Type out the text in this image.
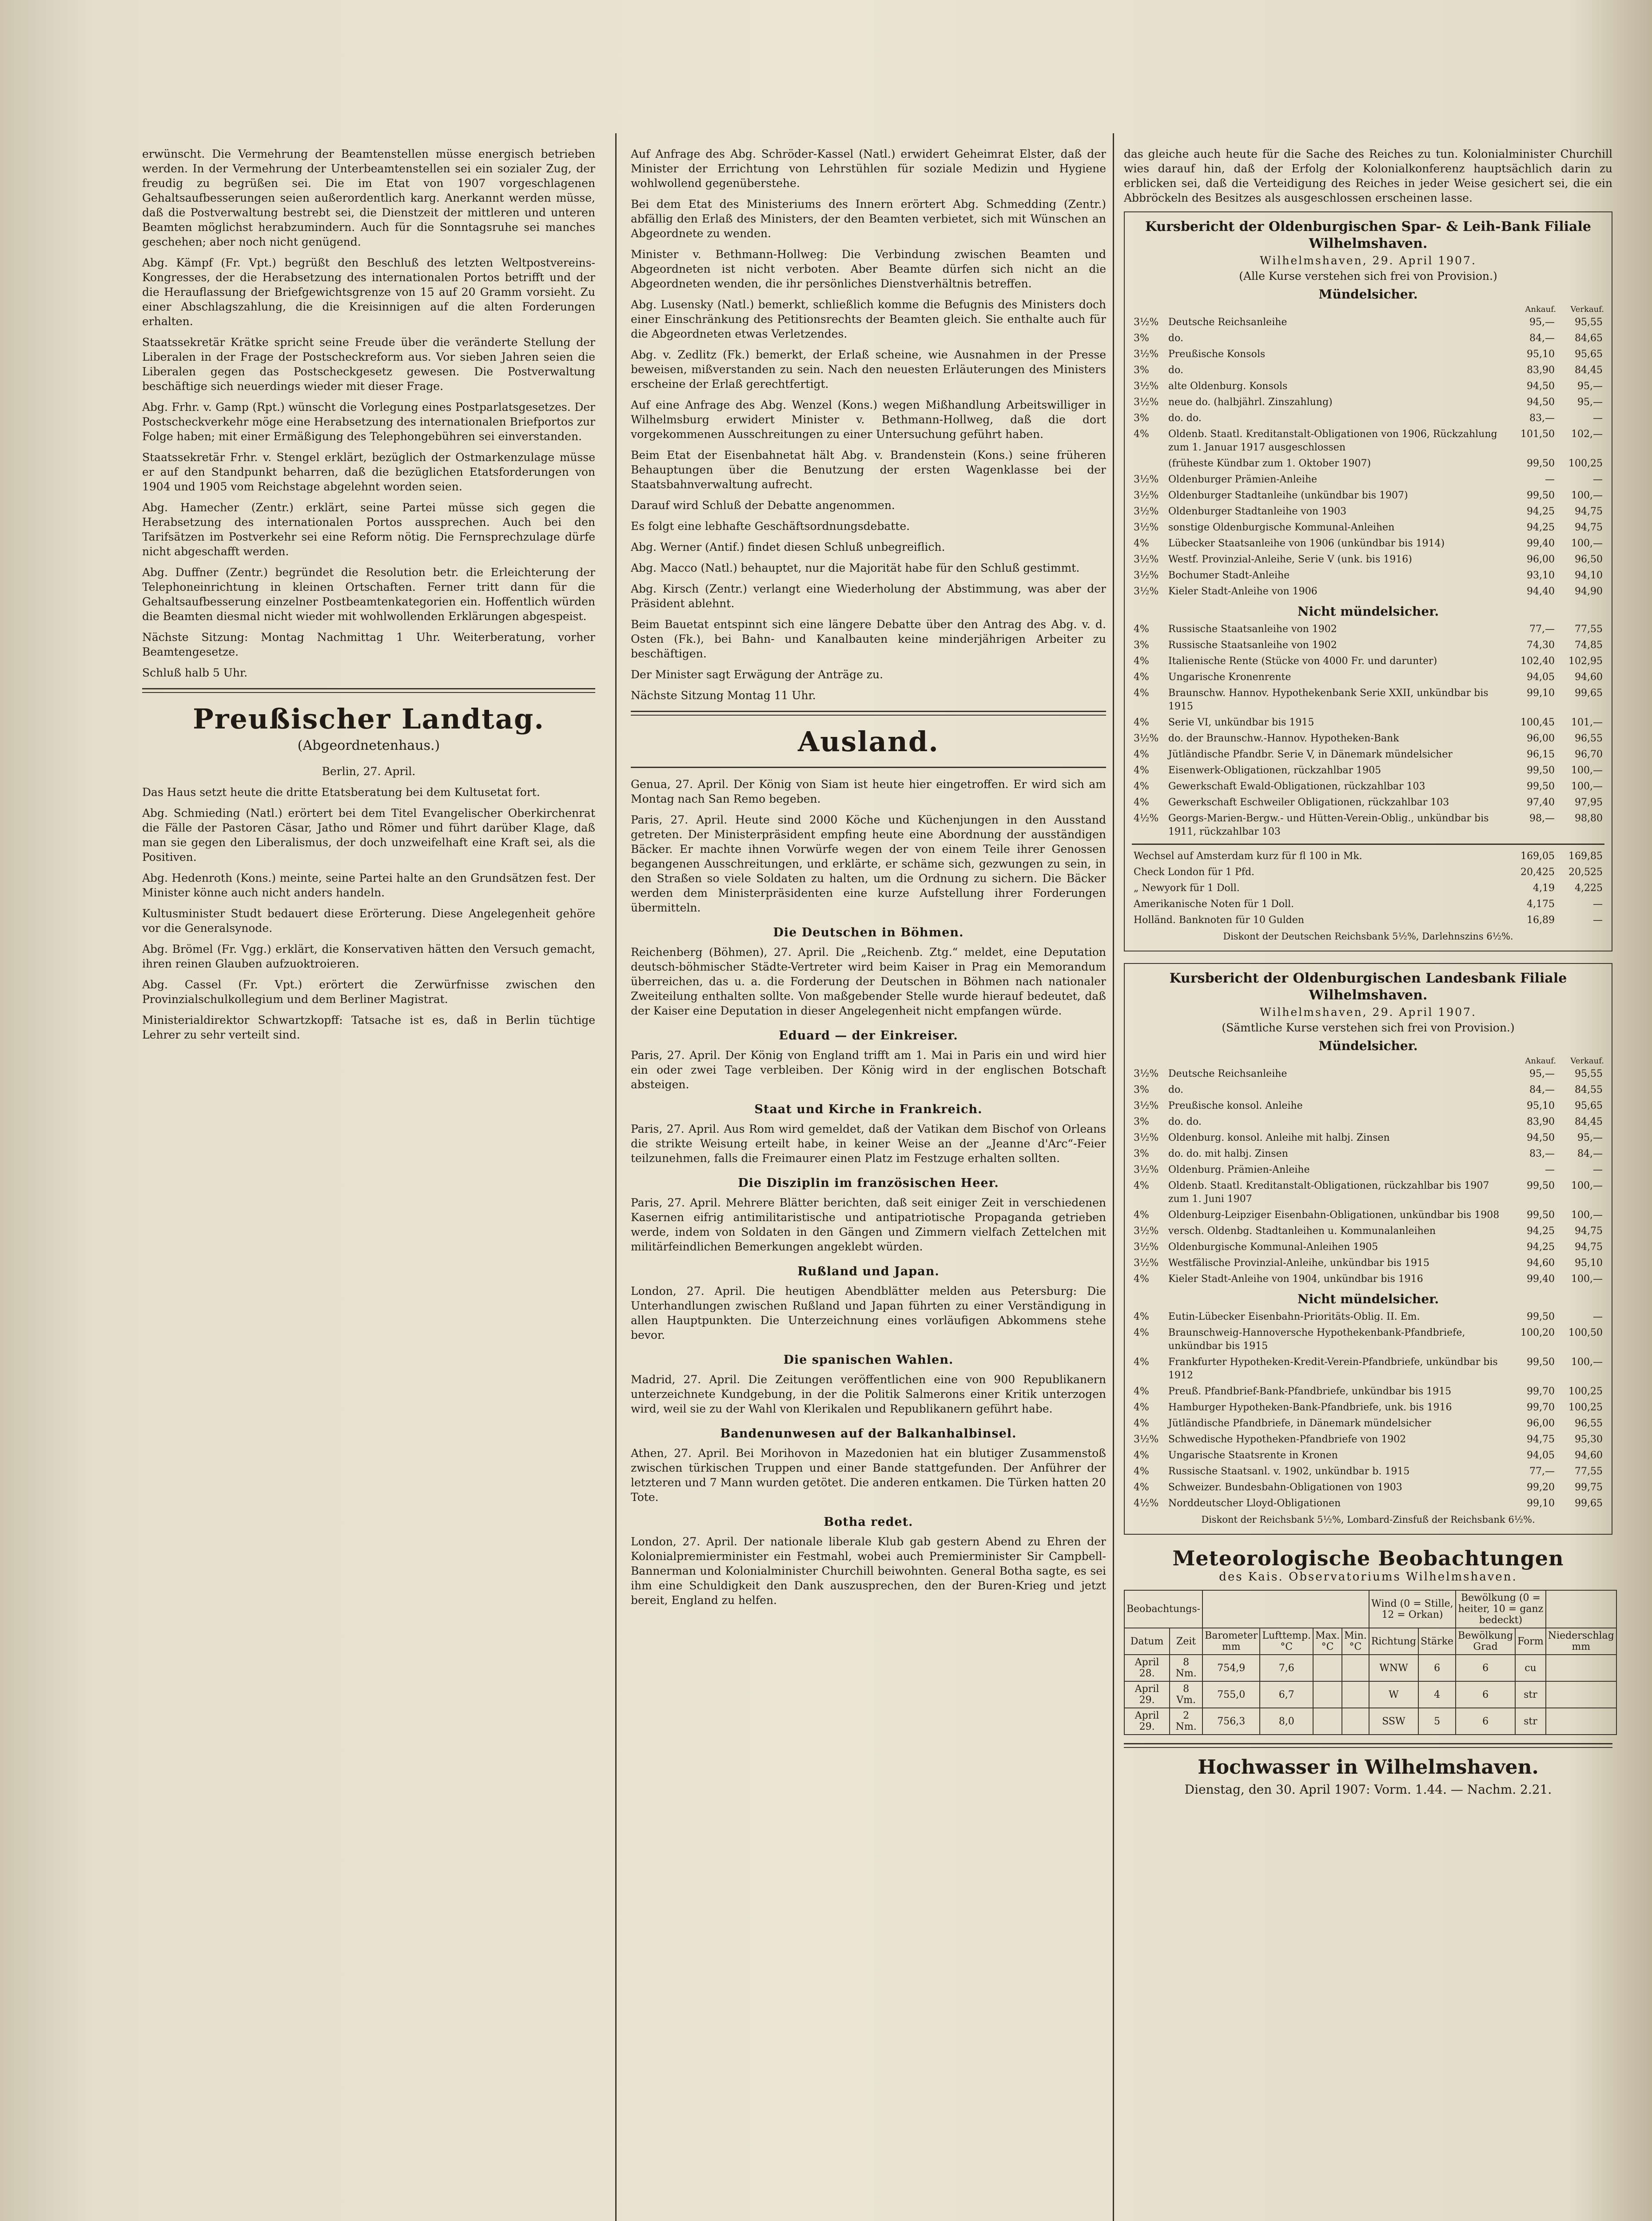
erwünscht. Die Vermehrung der Beamtenstellen müsse energisch betrieben werden. In der Vermehrung der Unterbeamtenstellen sei ein sozialer Zug, der freudig zu begrüßen sei. Die im Etat von 1907 vorgeschlagenen Gehaltsaufbesserungen seien außerordentlich karg. Anerkannt werden müsse, daß die Postverwaltung bestrebt sei, die Dienstzeit der mittleren und unteren Beamten möglichst herabzumindern. Auch für die Sonntagsruhe sei manches geschehen; aber noch nicht genügend.

Abg. Kämpf (Fr. Vpt.) begrüßt den Beschluß des letzten Weltpostvereins-Kongresses, der die Herabsetzung des internationalen Portos betrifft und der die Herauflassung der Briefgewichtsgrenze von 15 auf 20 Gramm vorsieht. Zu einer Abschlagszahlung, die die Kreisinnigen auf die alten Forderungen erhalten.

Staatssekretär Krätke spricht seine Freude über die veränderte Stellung der Liberalen in der Frage der Postscheckreform aus. Vor sieben Jahren seien die Liberalen gegen das Postscheckgesetz gewesen. Die Postverwaltung beschäftige sich neuerdings wieder mit dieser Frage.

Abg. Frhr. v. Gamp (Rpt.) wünscht die Vorlegung eines Postparlatsgesetzes. Der Postscheckverkehr möge eine Herabsetzung des internationalen Briefportos zur Folge haben; mit einer Ermäßigung des Telephongebühren sei einverstanden.

Staatssekretär Frhr. v. Stengel erklärt, bezüglich der Ostmarkenzulage müsse er auf den Standpunkt beharren, daß die bezüglichen Etatsforderungen von 1904 und 1905 vom Reichstage abgelehnt worden seien.

Abg. Hamecher (Zentr.) erklärt, seine Partei müsse sich gegen die Herabsetzung des internationalen Portos aussprechen. Auch bei den Tarifsätzen im Postverkehr sei eine Reform nötig. Die Fernsprechzulage dürfe nicht abgeschafft werden.

Abg. Duffner (Zentr.) begründet die Resolution betr. die Erleichterung der Telephoneinrichtung in kleinen Ortschaften. Ferner tritt dann für die Gehaltsaufbesserung einzelner Postbeamtenkategorien ein. Hoffentlich würden die Beamten diesmal nicht wieder mit wohlwollenden Erklärungen abgespeist.

Nächste Sitzung: Montag Nachmittag 1 Uhr. Weiterberatung, vorher Beamtengesetze.

Schluß halb 5 Uhr.

Preußischer Landtag.
(Abgeordnetenhaus.)

Berlin, 27. April.

Das Haus setzt heute die dritte Etatsberatung bei dem Kultusetat fort.

Abg. Schmieding (Natl.) erörtert bei dem Titel Evangelischer Oberkirchenrat die Fälle der Pastoren Cäsar, Jatho und Römer und führt darüber Klage, daß man sie gegen den Liberalismus, der doch unzweifelhaft eine Kraft sei, als die Positiven.

Abg. Hedenroth (Kons.) meinte, seine Partei halte an den Grundsätzen fest. Der Minister könne auch nicht anders handeln.

Kultusminister Studt bedauert diese Erörterung. Diese Angelegenheit gehöre vor die Generalsynode.

Abg. Brömel (Fr. Vgg.) erklärt, die Konservativen hätten den Versuch gemacht, ihren reinen Glauben aufzuoktroieren.

Abg. Cassel (Fr. Vpt.) erörtert die Zerwürfnisse zwischen den Provinzialschulkollegium und dem Berliner Magistrat.

Ministerialdirektor Schwartzkopff: Tatsache ist es, daß in Berlin tüchtige Lehrer zu sehr verteilt sind.

Auf Anfrage des Abg. Schröder-Kassel (Natl.) erwidert Geheimrat Elster, daß der Minister der Errichtung von Lehrstühlen für soziale Medizin und Hygiene wohlwollend gegenüberstehe.

Bei dem Etat des Ministeriums des Innern erörtert Abg. Schmedding (Zentr.) abfällig den Erlaß des Ministers, der den Beamten verbietet, sich mit Wünschen an Abgeordnete zu wenden.

Minister v. Bethmann-Hollweg: Die Verbindung zwischen Beamten und Abgeordneten ist nicht verboten. Aber Beamte dürfen sich nicht an die Abgeordneten wenden, die ihr persönliches Dienstverhältnis betreffen.

Abg. Lusensky (Natl.) bemerkt, schließlich komme die Befugnis des Ministers doch einer Einschränkung des Petitionsrechts der Beamten gleich. Sie enthalte auch für die Abgeordneten etwas Verletzendes.

Abg. v. Zedlitz (Fk.) bemerkt, der Erlaß scheine, wie Ausnahmen in der Presse beweisen, mißverstanden zu sein. Nach den neuesten Erläuterungen des Ministers erscheine der Erlaß gerechtfertigt.

Auf eine Anfrage des Abg. Wenzel (Kons.) wegen Mißhandlung Arbeitswilliger in Wilhelmsburg erwidert Minister v. Bethmann-Hollweg, daß die dort vorgekommenen Ausschreitungen zu einer Untersuchung geführt haben.

Beim Etat der Eisenbahnetat hält Abg. v. Brandenstein (Kons.) seine früheren Behauptungen über die Benutzung der ersten Wagenklasse bei der Staatsbahnverwaltung aufrecht.

Darauf wird Schluß der Debatte angenommen.

Es folgt eine lebhafte Geschäftsordnungsdebatte.

Abg. Werner (Antif.) findet diesen Schluß unbegreiflich.

Abg. Macco (Natl.) behauptet, nur die Majorität habe für den Schluß gestimmt.

Abg. Kirsch (Zentr.) verlangt eine Wiederholung der Abstimmung, was aber der Präsident ablehnt.

Beim Bauetat entspinnt sich eine längere Debatte über den Antrag des Abg. v. d. Osten (Fk.), bei Bahn- und Kanalbauten keine minderjährigen Arbeiter zu beschäftigen.

Der Minister sagt Erwägung der Anträge zu.

Nächste Sitzung Montag 11 Uhr.

Ausland.

Genua, 27. April. Der König von Siam ist heute hier eingetroffen. Er wird sich am Montag nach San Remo begeben.

Paris, 27. April. Heute sind 2000 Köche und Küchenjungen in den Ausstand getreten. Der Ministerpräsident empfing heute eine Abordnung der ausständigen Bäcker. Er machte ihnen Vorwürfe wegen der von einem Teile ihrer Genossen begangenen Ausschreitungen, und erklärte, er schäme sich, gezwungen zu sein, in den Straßen so viele Soldaten zu halten, um die Ordnung zu sichern. Die Bäcker werden dem Ministerpräsidenten eine kurze Aufstellung ihrer Forderungen übermitteln.

Die Deutschen in Böhmen.

Reichenberg (Böhmen), 27. April. Die „Reichenb. Ztg.“ meldet, eine Deputation deutsch-böhmischer Städte-Vertreter wird beim Kaiser in Prag ein Memorandum überreichen, das u. a. die Forderung der Deutschen in Böhmen nach nationaler Zweiteilung enthalten sollte. Von maßgebender Stelle wurde hierauf bedeutet, daß der Kaiser eine Deputation in dieser Angelegenheit nicht empfangen würde.

Eduard — der Einkreiser.

Paris, 27. April. Der König von England trifft am 1. Mai in Paris ein und wird hier ein oder zwei Tage verbleiben. Der König wird in der englischen Botschaft absteigen.

Staat und Kirche in Frankreich.

Paris, 27. April. Aus Rom wird gemeldet, daß der Vatikan dem Bischof von Orleans die strikte Weisung erteilt habe, in keiner Weise an der „Jeanne d'Arc“-Feier teilzunehmen, falls die Freimaurer einen Platz im Festzuge erhalten sollten.

Die Disziplin im französischen Heer.

Paris, 27. April. Mehrere Blätter berichten, daß seit einiger Zeit in verschiedenen Kasernen eifrig antimilitaristische und antipatriotische Propaganda getrieben werde, indem von Soldaten in den Gängen und Zimmern vielfach Zettelchen mit militärfeindlichen Bemerkungen angeklebt würden.

Rußland und Japan.

London, 27. April. Die heutigen Abendblätter melden aus Petersburg: Die Unterhandlungen zwischen Rußland und Japan führten zu einer Verständigung in allen Hauptpunkten. Die Unterzeichnung eines vorläufigen Abkommens stehe bevor.

Die spanischen Wahlen.

Madrid, 27. April. Die Zeitungen veröffentlichen eine von 900 Republikanern unterzeichnete Kundgebung, in der die Politik Salmerons einer Kritik unterzogen wird, weil sie zu der Wahl von Klerikalen und Republikanern geführt habe.

Bandenunwesen auf der Balkanhalbinsel.

Athen, 27. April. Bei Morihovon in Mazedonien hat ein blutiger Zusammenstoß zwischen türkischen Truppen und einer Bande stattgefunden. Der Anführer der letzteren und 7 Mann wurden getötet. Die anderen entkamen. Die Türken hatten 20 Tote.

Botha redet.

London, 27. April. Der nationale liberale Klub gab gestern Abend zu Ehren der Kolonialpremierminister ein Festmahl, wobei auch Premierminister Sir Campbell-Bannerman und Kolonialminister Churchill beiwohnten. General Botha sagte, es sei ihm eine Schuldigkeit den Dank auszusprechen, den der Buren-Krieg und jetzt bereit, England zu helfen.

das gleiche auch heute für die Sache des Reiches zu tun. Kolonialminister Churchill wies darauf hin, daß der Erfolg der Kolonialkonferenz hauptsächlich darin zu erblicken sei, daß die Verteidigung des Reiches in jeder Weise gesichert sei, die ein Abbröckeln des Besitzes als ausgeschlossen erscheinen lasse.

Kursbericht der Oldenburgischen Spar- & Leih-Bank Filiale Wilhelmshaven.
Wilhelmshaven, 29. April 1907.
(Alle Kurse verstehen sich frei von Provision.)
Mündelsicher.
		Ankauf.	Verkauf.
3½%	Deutsche Reichsanleihe	95,—	95,55
3%	do.	84,—	84,65
3½%	Preußische Konsols	95,10	95,65
3%	do.	83,90	84,45
3½%	alte Oldenburg. Konsols	94,50	95,—
3½%	neue do. (halbjährl. Zinszahlung)	94,50	95,—
3%	do. do.	83,—	—
4%	Oldenb. Staatl. Kreditanstalt-Obligationen von 1906, Rückzahlung zum 1. Januar 1917 ausgeschlossen	101,50	102,—
	(früheste Kündbar zum 1. Oktober 1907)	99,50	100,25
3½%	Oldenburger Prämien-Anleihe	—	—
3½%	Oldenburger Stadtanleihe (unkündbar bis 1907)	99,50	100,—
3½%	Oldenburger Stadtanleihe von 1903	94,25	94,75
3½%	sonstige Oldenburgische Kommunal-Anleihen	94,25	94,75
4%	Lübecker Staatsanleihe von 1906 (unkündbar bis 1914)	99,40	100,—
3½%	Westf. Provinzial-Anleihe, Serie V (unk. bis 1916)	96,00	96,50
3½%	Bochumer Stadt-Anleihe	93,10	94,10
3½%	Kieler Stadt-Anleihe von 1906	94,40	94,90
Nicht mündelsicher.
4%	Russische Staatsanleihe von 1902	77,—	77,55
3%	Russische Staatsanleihe von 1902	74,30	74,85
4%	Italienische Rente (Stücke von 4000 Fr. und darunter)	102,40	102,95
4%	Ungarische Kronenrente	94,05	94,60
4%	Braunschw. Hannov. Hypothekenbank Serie XXII, unkündbar bis 1915	99,10	99,65
4%	Serie VI, unkündbar bis 1915	100,45	101,—
3½%	do. der Braunschw.-Hannov. Hypotheken-Bank	96,00	96,55
4%	Jütländische Pfandbr. Serie V, in Dänemark mündelsicher	96,15	96,70
4%	Eisenwerk-Obligationen, rückzahlbar 1905	99,50	100,—
4%	Gewerkschaft Ewald-Obligationen, rückzahlbar 103	99,50	100,—
4%	Gewerkschaft Eschweiler Obligationen, rückzahlbar 103	97,40	97,95
4½%	Georgs-Marien-Bergw.- und Hütten-Verein-Oblig., unkündbar bis 1911, rückzahlbar 103	98,—	98,80
Wechsel auf Amsterdam kurz für fl 100 in Mk.	169,05	169,85
Check London für 1 Pfd.	20,425	20,525
„ Newyork für 1 Doll.	4,19	4,225
Amerikanische Noten für 1 Doll.	4,175	—
Holländ. Banknoten für 10 Gulden	16,89	—
Diskont der Deutschen Reichsbank 5½%, Darlehnszins 6½%.
Kursbericht der Oldenburgischen Landesbank Filiale Wilhelmshaven.
Wilhelmshaven, 29. April 1907.
(Sämtliche Kurse verstehen sich frei von Provision.)
Mündelsicher.
		Ankauf.	Verkauf.
3½%	Deutsche Reichsanleihe	95,—	95,55
3%	do.	84,—	84,55
3½%	Preußische konsol. Anleihe	95,10	95,65
3%	do. do.	83,90	84,45
3½%	Oldenburg. konsol. Anleihe mit halbj. Zinsen	94,50	95,—
3%	do. do. mit halbj. Zinsen	83,—	84,—
3½%	Oldenburg. Prämien-Anleihe	—	—
4%	Oldenb. Staatl. Kreditanstalt-Obligationen, rückzahlbar bis 1907 zum 1. Juni 1907	99,50	100,—
4%	Oldenburg-Leipziger Eisenbahn-Obligationen, unkündbar bis 1908	99,50	100,—
3½%	versch. Oldenbg. Stadtanleihen u. Kommunalanleihen	94,25	94,75
3½%	Oldenburgische Kommunal-Anleihen 1905	94,25	94,75
3½%	Westfälische Provinzial-Anleihe, unkündbar bis 1915	94,60	95,10
4%	Kieler Stadt-Anleihe von 1904, unkündbar bis 1916	99,40	100,—
Nicht mündelsicher.
4%	Eutin-Lübecker Eisenbahn-Prioritäts-Oblig. II. Em.	99,50	—
4%	Braunschweig-Hannoversche Hypothekenbank-Pfandbriefe, unkündbar bis 1915	100,20	100,50
4%	Frankfurter Hypotheken-Kredit-Verein-Pfandbriefe, unkündbar bis 1912	99,50	100,—
4%	Preuß. Pfandbrief-Bank-Pfandbriefe, unkündbar bis 1915	99,70	100,25
4%	Hamburger Hypotheken-Bank-Pfandbriefe, unk. bis 1916	99,70	100,25
4%	Jütländische Pfandbriefe, in Dänemark mündelsicher	96,00	96,55
3½%	Schwedische Hypotheken-Pfandbriefe von 1902	94,75	95,30
4%	Ungarische Staatsrente in Kronen	94,05	94,60
4%	Russische Staatsanl. v. 1902, unkündbar b. 1915	77,—	77,55
4%	Schweizer. Bundesbahn-Obligationen von 1903	99,20	99,75
4½%	Norddeutscher Lloyd-Obligationen	99,10	99,65
Diskont der Reichsbank 5½%, Lombard-Zinsfuß der Reichsbank 6½%.
Meteorologische Beobachtungen
des Kais. Observatoriums Wilhelmshaven.
Beobachtungs-						Wind (0 = Stille, 12 = Orkan)		Bewölkung (0 = heiter, 10 = ganz bedeckt)		
Datum	Zeit	Barometer mm	Lufttemp. °C	Max. °C	Min. °C	Richtung	Stärke	Bewölkung Grad	Form	Niederschlag mm
April 28.	8 Nm.	754,9	7,6			WNW	6	6	cu	
April 29.	8 Vm.	755,0	6,7			W	4	6	str	
April 29.	2 Nm.	756,3	8,0			SSW	5	6	str	
Hochwasser in Wilhelmshaven.
Dienstag, den 30. April 1907: Vorm. 1.44. — Nachm. 2.21.
